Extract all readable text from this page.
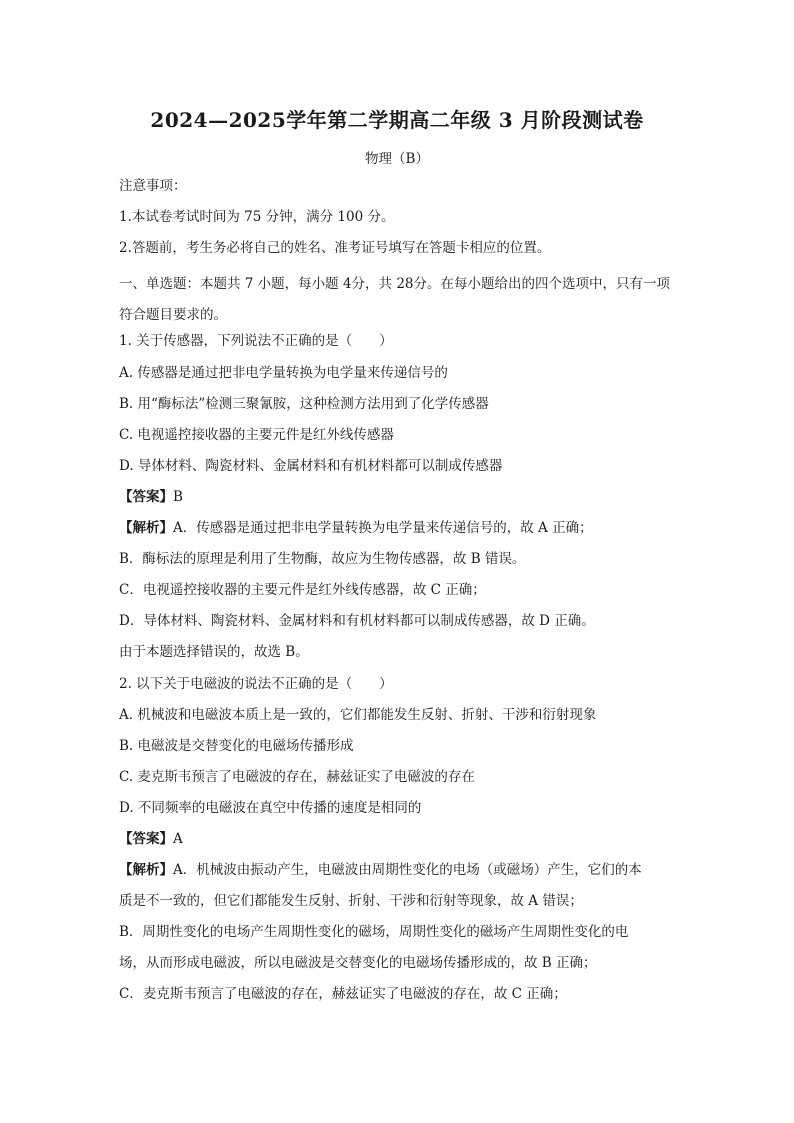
2024—2025学年第二学期高二年级 3 月阶段测试卷
物理（B）
注意事项：
1.本试卷考试时间为 75 分钟，满分 100 分。
2.答题前，考生务必将自己的姓名、准考证号填写在答题卡相应的位置。
一、单选题：本题共 7 小题，每小题 4分，共 28分。在每小题给出的四个选项中，只有一项符合题目要求的。
1. 关于传感器，下列说法不正确的是（　　）
A. 传感器是通过把非电学量转换为电学量来传递信号的
B. 用“酶标法”检测三聚氰胺，这种检测方法用到了化学传感器
C. 电视遥控接收器的主要元件是红外线传感器
D. 导体材料、陶瓷材料、金属材料和有机材料都可以制成传感器
【答案】B
【解析】A．传感器是通过把非电学量转换为电学量来传递信号的，故 A 正确；
B．酶标法的原理是利用了生物酶，故应为生物传感器，故 B 错误。
C．电视遥控接收器的主要元件是红外线传感器，故 C 正确；
D．导体材料、陶瓷材料、金属材料和有机材料都可以制成传感器，故 D 正确。
由于本题选择错误的，故选 B。
2. 以下关于电磁波的说法不正确的是（　　）
A. 机械波和电磁波本质上是一致的，它们都能发生反射、折射、干涉和衍射现象
B. 电磁波是交替变化的电磁场传播形成
C. 麦克斯韦预言了电磁波的存在，赫兹证实了电磁波的存在
D. 不同频率的电磁波在真空中传播的速度是相同的
【答案】A
【解析】A．机械波由振动产生，电磁波由周期性变化的电场（或磁场）产生，它们的本
质是不一致的，但它们都能发生反射、折射、干涉和衍射等现象，故 A 错误；
B．周期性变化的电场产生周期性变化的磁场，周期性变化的磁场产生周期性变化的电
场，从而形成电磁波，所以电磁波是交替变化的电磁场传播形成的，故 B 正确；
C．麦克斯韦预言了电磁波的存在，赫兹证实了电磁波的存在，故 C 正确；
